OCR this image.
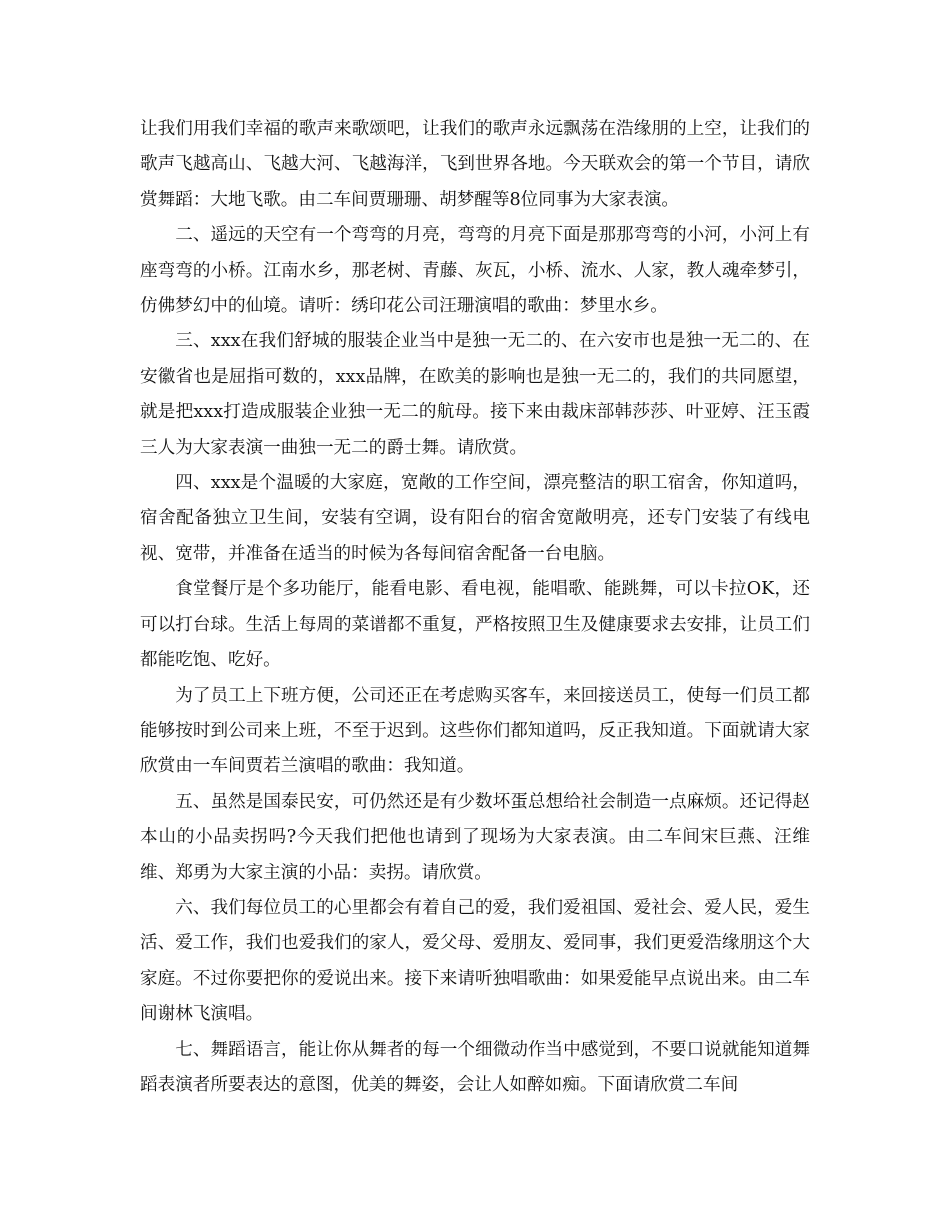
让我们用我们幸福的歌声来歌颂吧，让我们的歌声永远飘荡在浩缘朋的上空，让我们的歌声飞越高山、飞越大河、飞越海洋，飞到世界各地。今天联欢会的第一个节目，请欣赏舞蹈：大地飞歌。由二车间贾珊珊、胡梦醒等8位同事为大家表演。

二、遥远的天空有一个弯弯的月亮，弯弯的月亮下面是那那弯弯的小河，小河上有座弯弯的小桥。江南水乡，那老树、青藤、灰瓦，小桥、流水、人家，教人魂牵梦引，仿佛梦幻中的仙境。请听：绣印花公司汪珊演唱的歌曲：梦里水乡。

三、xxx在我们舒城的服装企业当中是独一无二的、在六安市也是独一无二的、在安徽省也是屈指可数的，xxx品牌，在欧美的影响也是独一无二的，我们的共同愿望，就是把xxx打造成服装企业独一无二的航母。接下来由裁床部韩莎莎、叶亚婷、汪玉霞三人为大家表演一曲独一无二的爵士舞。请欣赏。

四、xxx是个温暖的大家庭，宽敞的工作空间，漂亮整洁的职工宿舍，你知道吗，宿舍配备独立卫生间，安装有空调，设有阳台的宿舍宽敞明亮，还专门安装了有线电视、宽带，并准备在适当的时候为各每间宿舍配备一台电脑。

食堂餐厅是个多功能厅，能看电影、看电视，能唱歌、能跳舞，可以卡拉OK，还可以打台球。生活上每周的菜谱都不重复，严格按照卫生及健康要求去安排，让员工们都能吃饱、吃好。

为了员工上下班方便，公司还正在考虑购买客车，来回接送员工，使每一们员工都能够按时到公司来上班，不至于迟到。这些你们都知道吗，反正我知道。下面就请大家欣赏由一车间贾若兰演唱的歌曲：我知道。

五、虽然是国泰民安，可仍然还是有少数坏蛋总想给社会制造一点麻烦。还记得赵本山的小品卖拐吗?今天我们把他也请到了现场为大家表演。由二车间宋巨燕、汪维维、郑勇为大家主演的小品：卖拐。请欣赏。

六、我们每位员工的心里都会有着自己的爱，我们爱祖国、爱社会、爱人民，爱生活、爱工作，我们也爱我们的家人，爱父母、爱朋友、爱同事，我们更爱浩缘朋这个大家庭。不过你要把你的爱说出来。接下来请听独唱歌曲：如果爱能早点说出来。由二车间谢林飞演唱。

七、舞蹈语言，能让你从舞者的每一个细微动作当中感觉到，不要口说就能知道舞蹈表演者所要表达的意图，优美的舞姿，会让人如醉如痴。下面请欣赏二车间
